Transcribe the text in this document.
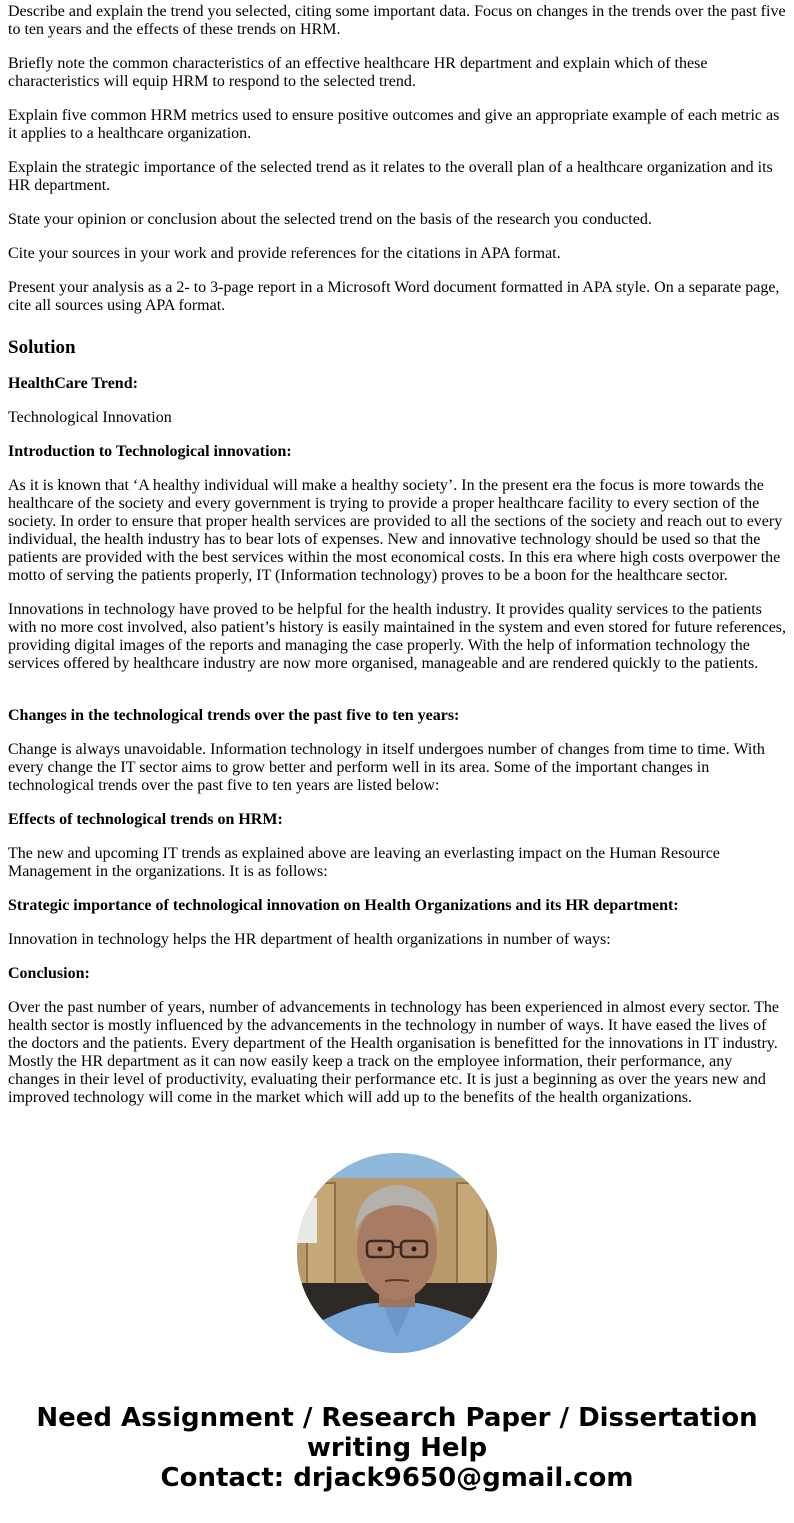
Describe and explain the trend you selected, citing some important data. Focus on changes in the trends over the past five to ten years and the effects of these trends on HRM.

Briefly note the common characteristics of an effective healthcare HR department and explain which of these characteristics will equip HRM to respond to the selected trend.

Explain five common HRM metrics used to ensure positive outcomes and give an appropriate example of each metric as it applies to a healthcare organization.

Explain the strategic importance of the selected trend as it relates to the overall plan of a healthcare organization and its HR department.

State your opinion or conclusion about the selected trend on the basis of the research you conducted.

Cite your sources in your work and provide references for the citations in APA format.

Present your analysis as a 2- to 3-page report in a Microsoft Word document formatted in APA style. On a separate page, cite all sources using APA format.

Solution

HealthCare Trend:

Technological Innovation

Introduction to Technological innovation:

As it is known that ‘A healthy individual will make a healthy society’. In the present era the focus is more towards the healthcare of the society and every government is trying to provide a proper healthcare facility to every section of the society. In order to ensure that proper health services are provided to all the sections of the society and reach out to every individual, the health industry has to bear lots of expenses. New and innovative technology should be used so that the patients are provided with the best services within the most economical costs. In this era where high costs overpower the motto of serving the patients properly, IT (Information technology) proves to be a boon for the healthcare sector.

Innovations in technology have proved to be helpful for the health industry. It provides quality services to the patients with no more cost involved, also patient’s history is easily maintained in the system and even stored for future references, providing digital images of the reports and managing the case properly. With the help of information technology the services offered by healthcare industry are now more organised, manageable and are rendered quickly to the patients.

Changes in the technological trends over the past five to ten years:

Change is always unavoidable. Information technology in itself undergoes number of changes from time to time. With every change the IT sector aims to grow better and perform well in its area. Some of the important changes in technological trends over the past five to ten years are listed below:

Effects of technological trends on HRM:

The new and upcoming IT trends as explained above are leaving an everlasting impact on the Human Resource Management in the organizations. It is as follows:

Strategic importance of technological innovation on Health Organizations and its HR department:

Innovation in technology helps the HR department of health organizations in number of ways:

Conclusion:

Over the past number of years, number of advancements in technology has been experienced in almost every sector. The health sector is mostly influenced by the advancements in the technology in number of ways. It have eased the lives of the doctors and the patients. Every department of the Health organisation is benefitted for the innovations in IT industry. Mostly the HR department as it can now easily keep a track on the employee information, their performance, any changes in their level of productivity, evaluating their performance etc. It is just a beginning as over the years new and improved technology will come in the market which will add up to the benefits of the health organizations.

Need Assignment / Research Paper / Dissertation
writing Help
Contact: drjack9650@gmail.com
